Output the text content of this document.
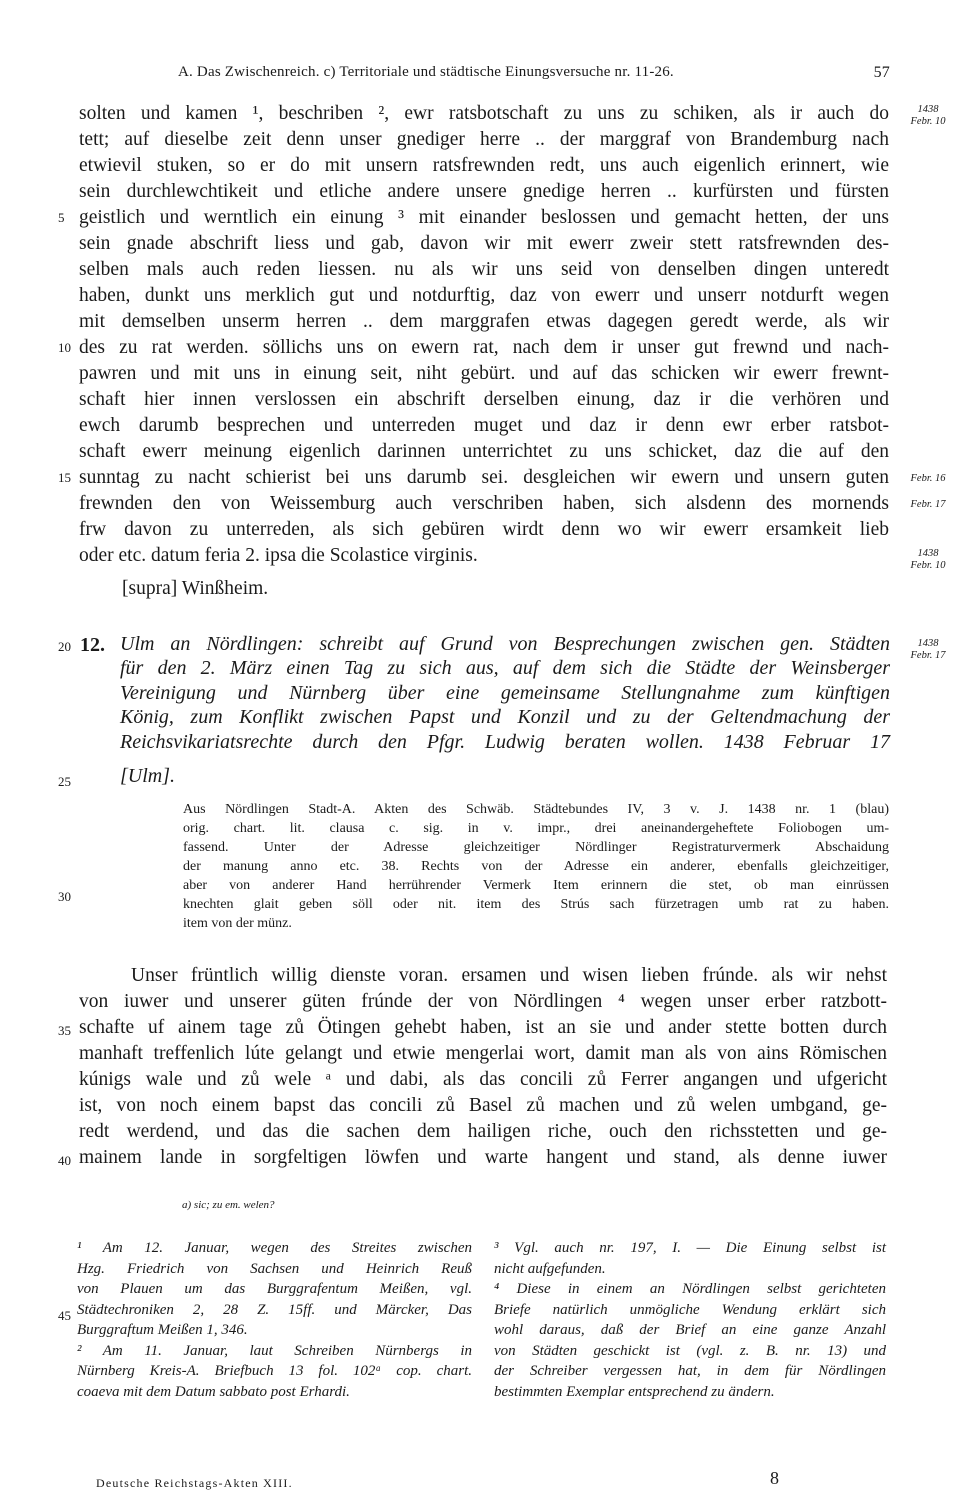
A. Das Zwischenreich. c) Territoriale und städtische Einungsversuche nr. 11-26.	57
solten und kamen ¹, beschriben ², ewr ratsbotschaft zu uns zu schiken, als ir auch do
tett; auf dieselbe zeit denn unser gnediger herre .. der marggraf von Brandemburg nach
etwievil stuken, so er do mit unsern ratsfrewnden redt, uns auch eigenlich erinnert, wie
sein durchlewchtikeit und etliche andere unsere gnedige herren .. kurfürsten und fürsten
geistlich und werntlich ein einung ³ mit einander beslossen und gemacht hetten, der uns
sein gnade abschrift liess und gab, davon wir mit ewerr zweir stett ratsfrewnden des-
selben mals auch reden liessen. nu als wir uns seid von denselben dingen unteredt
haben, dunkt uns merklich gut und notdurftig, daz von ewerr und unserr notdurft wegen
mit demselben unserm herren .. dem marggrafen etwas dagegen geredt werde, als wir
des zu rat werden. söllichs uns on ewern rat, nach dem ir unser gut frewnd und nach-
pawren und mit uns in einung seit, niht gebürt. und auf das schicken wir ewerr frewnt-
schaft hier innen verslossen ein abschrift derselben einung, daz ir die verhören und
ewch darumb besprechen und unterreden muget und daz ir denn ewr erber ratsbot-
schaft ewerr meinung eigenlich darinnen unterrichtet zu uns schicket, daz die auf den
sunntag zu nacht schierist bei uns darumb sei. desgleichen wir ewern und unsern guten
frewnden den von Weissemburg auch verschriben haben, sich alsdenn des mornends
frw davon zu unterreden, als sich gebüren wirdt denn wo wir ewerr ersamkeit lieb
oder etc. datum feria 2. ipsa die Scolastice virginis.
[supra] Winßheim.
5
10
15
20
25
30
35
40
45
1438
Febr. 10
Febr. 16
Febr. 17
1438
Febr. 10
1438
Febr. 17
12. Ulm an Nördlingen: schreibt auf Grund von Besprechungen zwischen gen. Städten
für den 2. März einen Tag zu sich aus, auf dem sich die Städte der Weinsberger
Vereinigung und Nürnberg über eine gemeinsame Stellungnahme zum künftigen
König, zum Konflikt zwischen Papst und Konzil und zu der Geltendmachung der
Reichsvikariatsrechte durch den Pfgr. Ludwig beraten wollen. 1438 Februar 17
[Ulm].
Aus Nördlingen Stadt-A. Akten des Schwäb. Städtebundes IV, 3 v. J. 1438 nr. 1 (blau)
orig. chart. lit. clausa c. sig. in v. impr., drei aneinandergeheftete Foliobogen um-
fassend. Unter der Adresse gleichzeitiger Nördlinger Registraturvermerk Abschaidung
der manung anno etc. 38. Rechts von der Adresse ein anderer, ebenfalls gleichzeitiger,
aber von anderer Hand herrührender Vermerk Item erinnern die stet, ob man einrüssen
knechten glait geben söll oder nit. item des Strús sach fürzetragen umb rat zu haben.
item von der münz.
Unser früntlich willig dienste voran. ersamen und wisen lieben frúnde. als wir nehst
von iuwer und unserer güten frúnde der von Nördlingen ⁴ wegen unser erber ratzbott-
schafte uf ainem tage zů Ötingen gehebt haben, ist an sie und ander stette botten durch
manhaft treffenlich lúte gelangt und etwie mengerlai wort, damit man als von ains Römischen
kúnigs wale und zů wele ᵃ und dabi, als das concili zů Ferrer angangen und ufgericht
ist, von noch einem bapst das concili zů Basel zů machen und zů welen umbgand, ge-
redt werdend, und das die sachen dem hailigen riche, ouch den richsstetten und ge-
mainem lande in sorgfeltigen löwfen und warte hangent und stand, als denne iuwer
a) sic; zu em. welen?
¹ Am 12. Januar, wegen des Streites zwischen
Hzg. Friedrich von Sachsen und Heinrich Reuß
von Plauen um das Burggrafentum Meißen, vgl.
Städtechroniken 2, 28 Z. 15ff. und Märcker, Das
Burggraftum Meißen 1, 346.
² Am 11. Januar, laut Schreiben Nürnbergs in
Nürnberg Kreis-A. Briefbuch 13 fol. 102ᵃ cop. chart.
coaeva mit dem Datum sabbato post Erhardi.
³ Vgl. auch nr. 197, I. — Die Einung selbst ist
nicht aufgefunden.
⁴ Diese in einem an Nördlingen selbst gerichteten
Briefe natürlich unmögliche Wendung erklärt sich
wohl daraus, daß der Brief an eine ganze Anzahl
von Städten geschickt ist (vgl. z. B. nr. 13) und
der Schreiber vergessen hat, in dem für Nördlingen
bestimmten Exemplar entsprechend zu ändern.
Deutsche Reichstags-Akten XIII.	8
